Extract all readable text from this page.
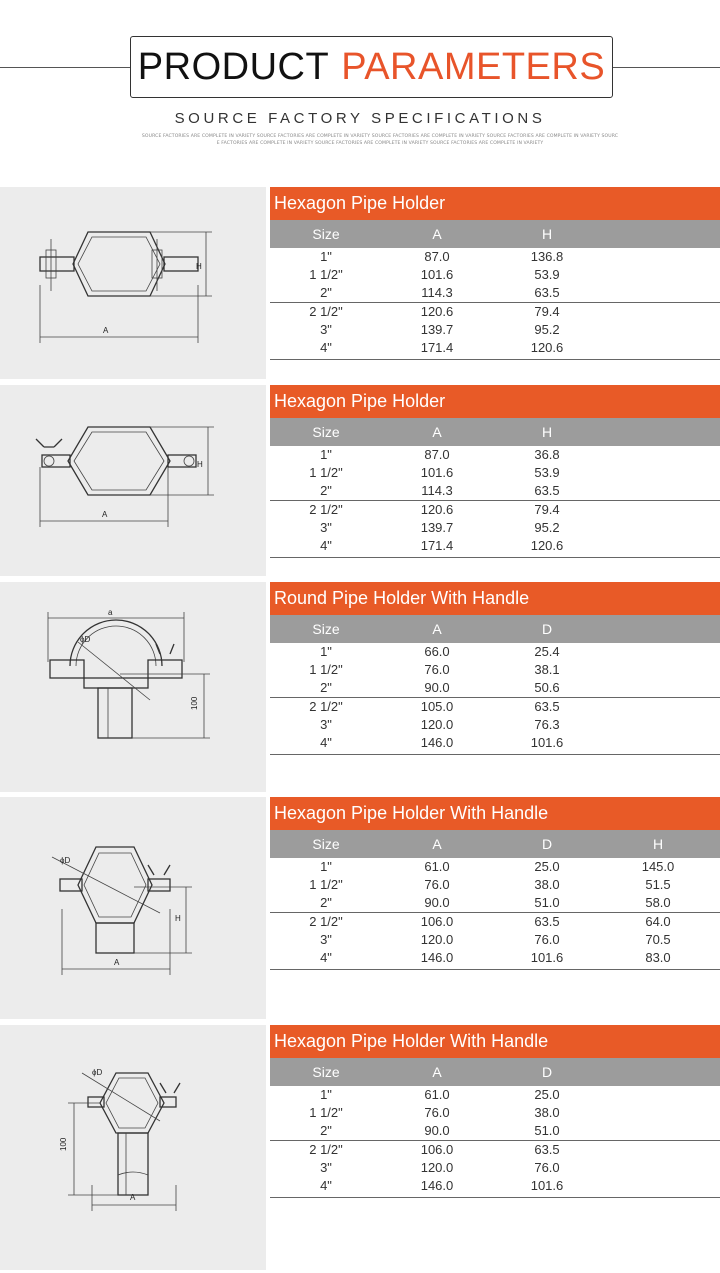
PRODUCT PARAMETERS
SOURCE FACTORY SPECIFICATIONS
SOURCE FACTORIES ARE COMPLETE IN VARIETY SOURCE FACTORIES ARE COMPLETE IN VARIETY SOURCE FACTORIES ARE COMPLETE IN VARIETY SOURCE FACTORIES ARE COMPLETE IN VARIETY SOURC
E FACTORIES ARE COMPLETE IN VARIETY SOURCE FACTORIES ARE COMPLETE IN VARIETY SOURCE FACTORIES ARE COMPLETE IN VARIETY
A
H
Hexagon Pipe Holder
Size	A	H
1"	87.0	136.8
1 1/2"	101.6	53.9
2"	114.3	63.5
2 1/2"	120.6	79.4
3"	139.7	95.2
4"	171.4	120.6
A
H
Hexagon Pipe Holder
Size	A	H
1"	87.0	36.8
1 1/2"	101.6	53.9
2"	114.3	63.5
2 1/2"	120.6	79.4
3"	139.7	95.2
4"	171.4	120.6
a
ϕD
100
Round Pipe Holder With Handle
Size	A	D
1"	66.0	25.4
1 1/2"	76.0	38.1
2"	90.0	50.6
2 1/2"	105.0	63.5
3"	120.0	76.3
4"	146.0	101.6
A
ϕD
H
Hexagon Pipe Holder With Handle
Size	A	D	H
1"	61.0	25.0	145.0
1 1/2"	76.0	38.0	51.5
2"	90.0	51.0	58.0
2 1/2"	106.0	63.5	64.0
3"	120.0	76.0	70.5
4"	146.0	101.6	83.0
A
ϕD
100
Hexagon Pipe Holder With Handle
Size	A	D
1"	61.0	25.0
1 1/2"	76.0	38.0
2"	90.0	51.0
2 1/2"	106.0	63.5
3"	120.0	76.0
4"	146.0	101.6
